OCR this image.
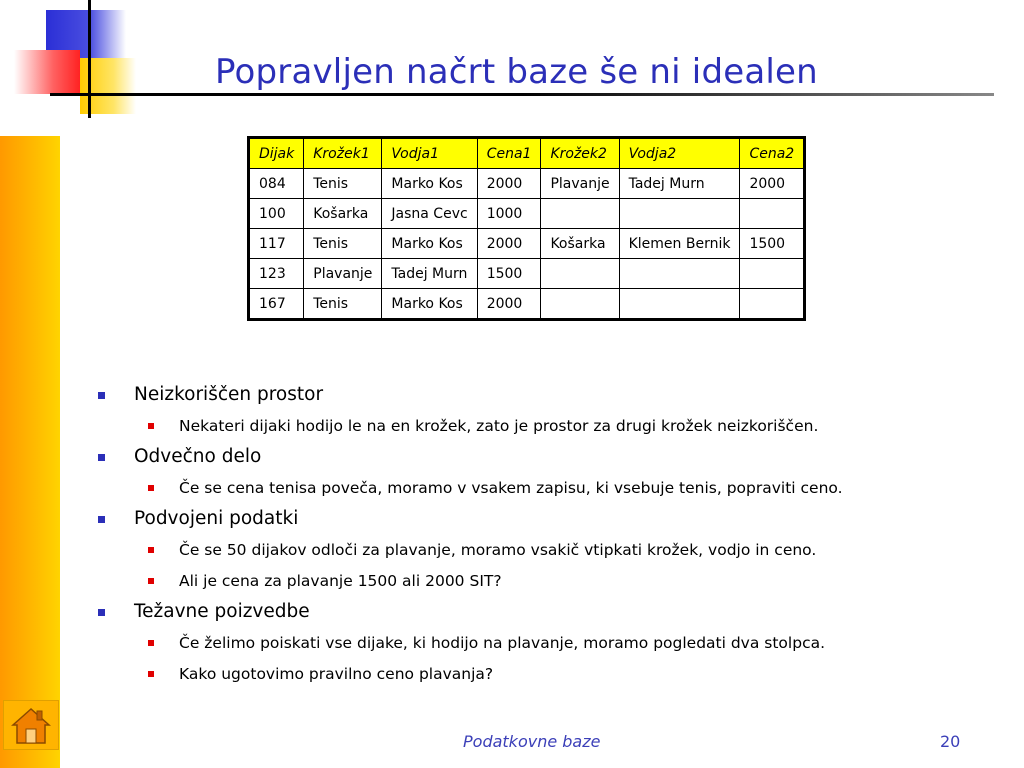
Popravljen načrt baze še ni idealen
Dijak	Krožek1	Vodja1	Cena1	Krožek2	Vodja2	Cena2
084	Tenis	Marko Kos	2000	Plavanje	Tadej Murn	2000
100	Košarka	Jasna Cevc	1000			
117	Tenis	Marko Kos	2000	Košarka	Klemen Bernik	1500
123	Plavanje	Tadej Murn	1500			
167	Tenis	Marko Kos	2000			
Neizkoriščen prostor
Nekateri dijaki hodijo le na en krožek, zato je prostor za drugi krožek neizkoriščen.
Odvečno delo
Če se cena tenisa poveča, moramo v vsakem zapisu, ki vsebuje tenis, popraviti ceno.
Podvojeni podatki
Če se 50 dijakov odloči za plavanje, moramo vsakič vtipkati krožek, vodjo in ceno.
Ali je cena za plavanje 1500 ali 2000 SIT?
Težavne poizvedbe
Če želimo poiskati vse dijake, ki hodijo na plavanje, moramo pogledati dva stolpca.
Kako ugotovimo pravilno ceno plavanja?
Podatkovne baze	20
